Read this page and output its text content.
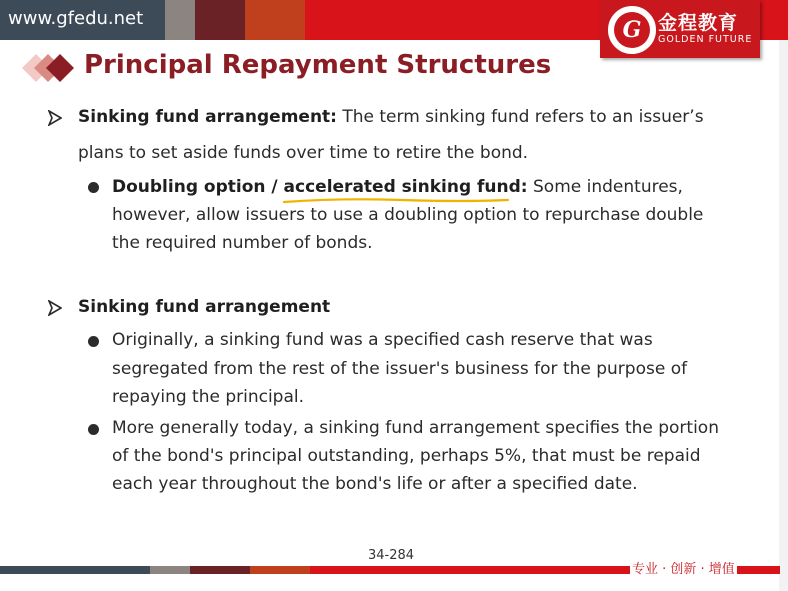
www.gfedu.net	G 金程教育
GOLDEN FUTURE
Principal Repayment Structures
Sinking fund arrangement: The term sinking fund refers to an issuer’s
plans to set aside funds over time to retire the bond.
Doubling option / accelerated sinking fund: Some indentures,
however, allow issuers to use a doubling option to repurchase double
the required number of bonds.
Sinking fund arrangement
Originally, a sinking fund was a specified cash reserve that was
segregated from the rest of the issuer's business for the purpose of
repaying the principal.
More generally today, a sinking fund arrangement specifies the portion
of the bond's principal outstanding, perhaps 5%, that must be repaid
each year throughout the bond's life or after a specified date.
34-284
专业 · 创新 · 增值
